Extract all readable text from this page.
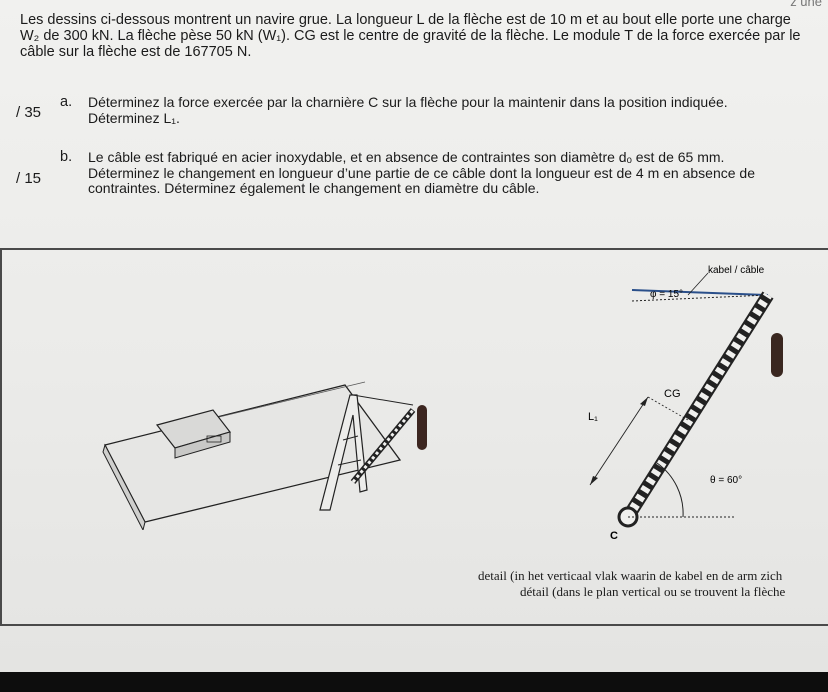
z une
Les dessins ci-dessous montrent un navire grue. La longueur L de la flèche est de 10 m et au bout elle porte une charge W₂ de 300 kN. La flèche pèse 50 kN (W₁). CG est le centre de gravité de la flèche. Le module T de la force exercée par le câble sur la flèche est de 167705 N.
/ 35
a. Déterminez la force exercée par la charnière C sur la flèche pour la maintenir dans la position indiquée. Déterminez L₁.
/ 15
b. Le câble est fabriqué en acier inoxydable, et en absence de contraintes son diamètre dₒ est de 65 mm. Déterminez le changement en longueur d’une partie de ce câble dont la longueur est de 4 m en absence de contraintes. Déterminez également le changement en diamètre du câble.
kabel / câble
φ = 15°
C
θ = 60°
CG
L₁
detail (in het verticaal vlak waarin de kabel en de arm zich
détail (dans le plan vertical ou se trouvent la flèche
